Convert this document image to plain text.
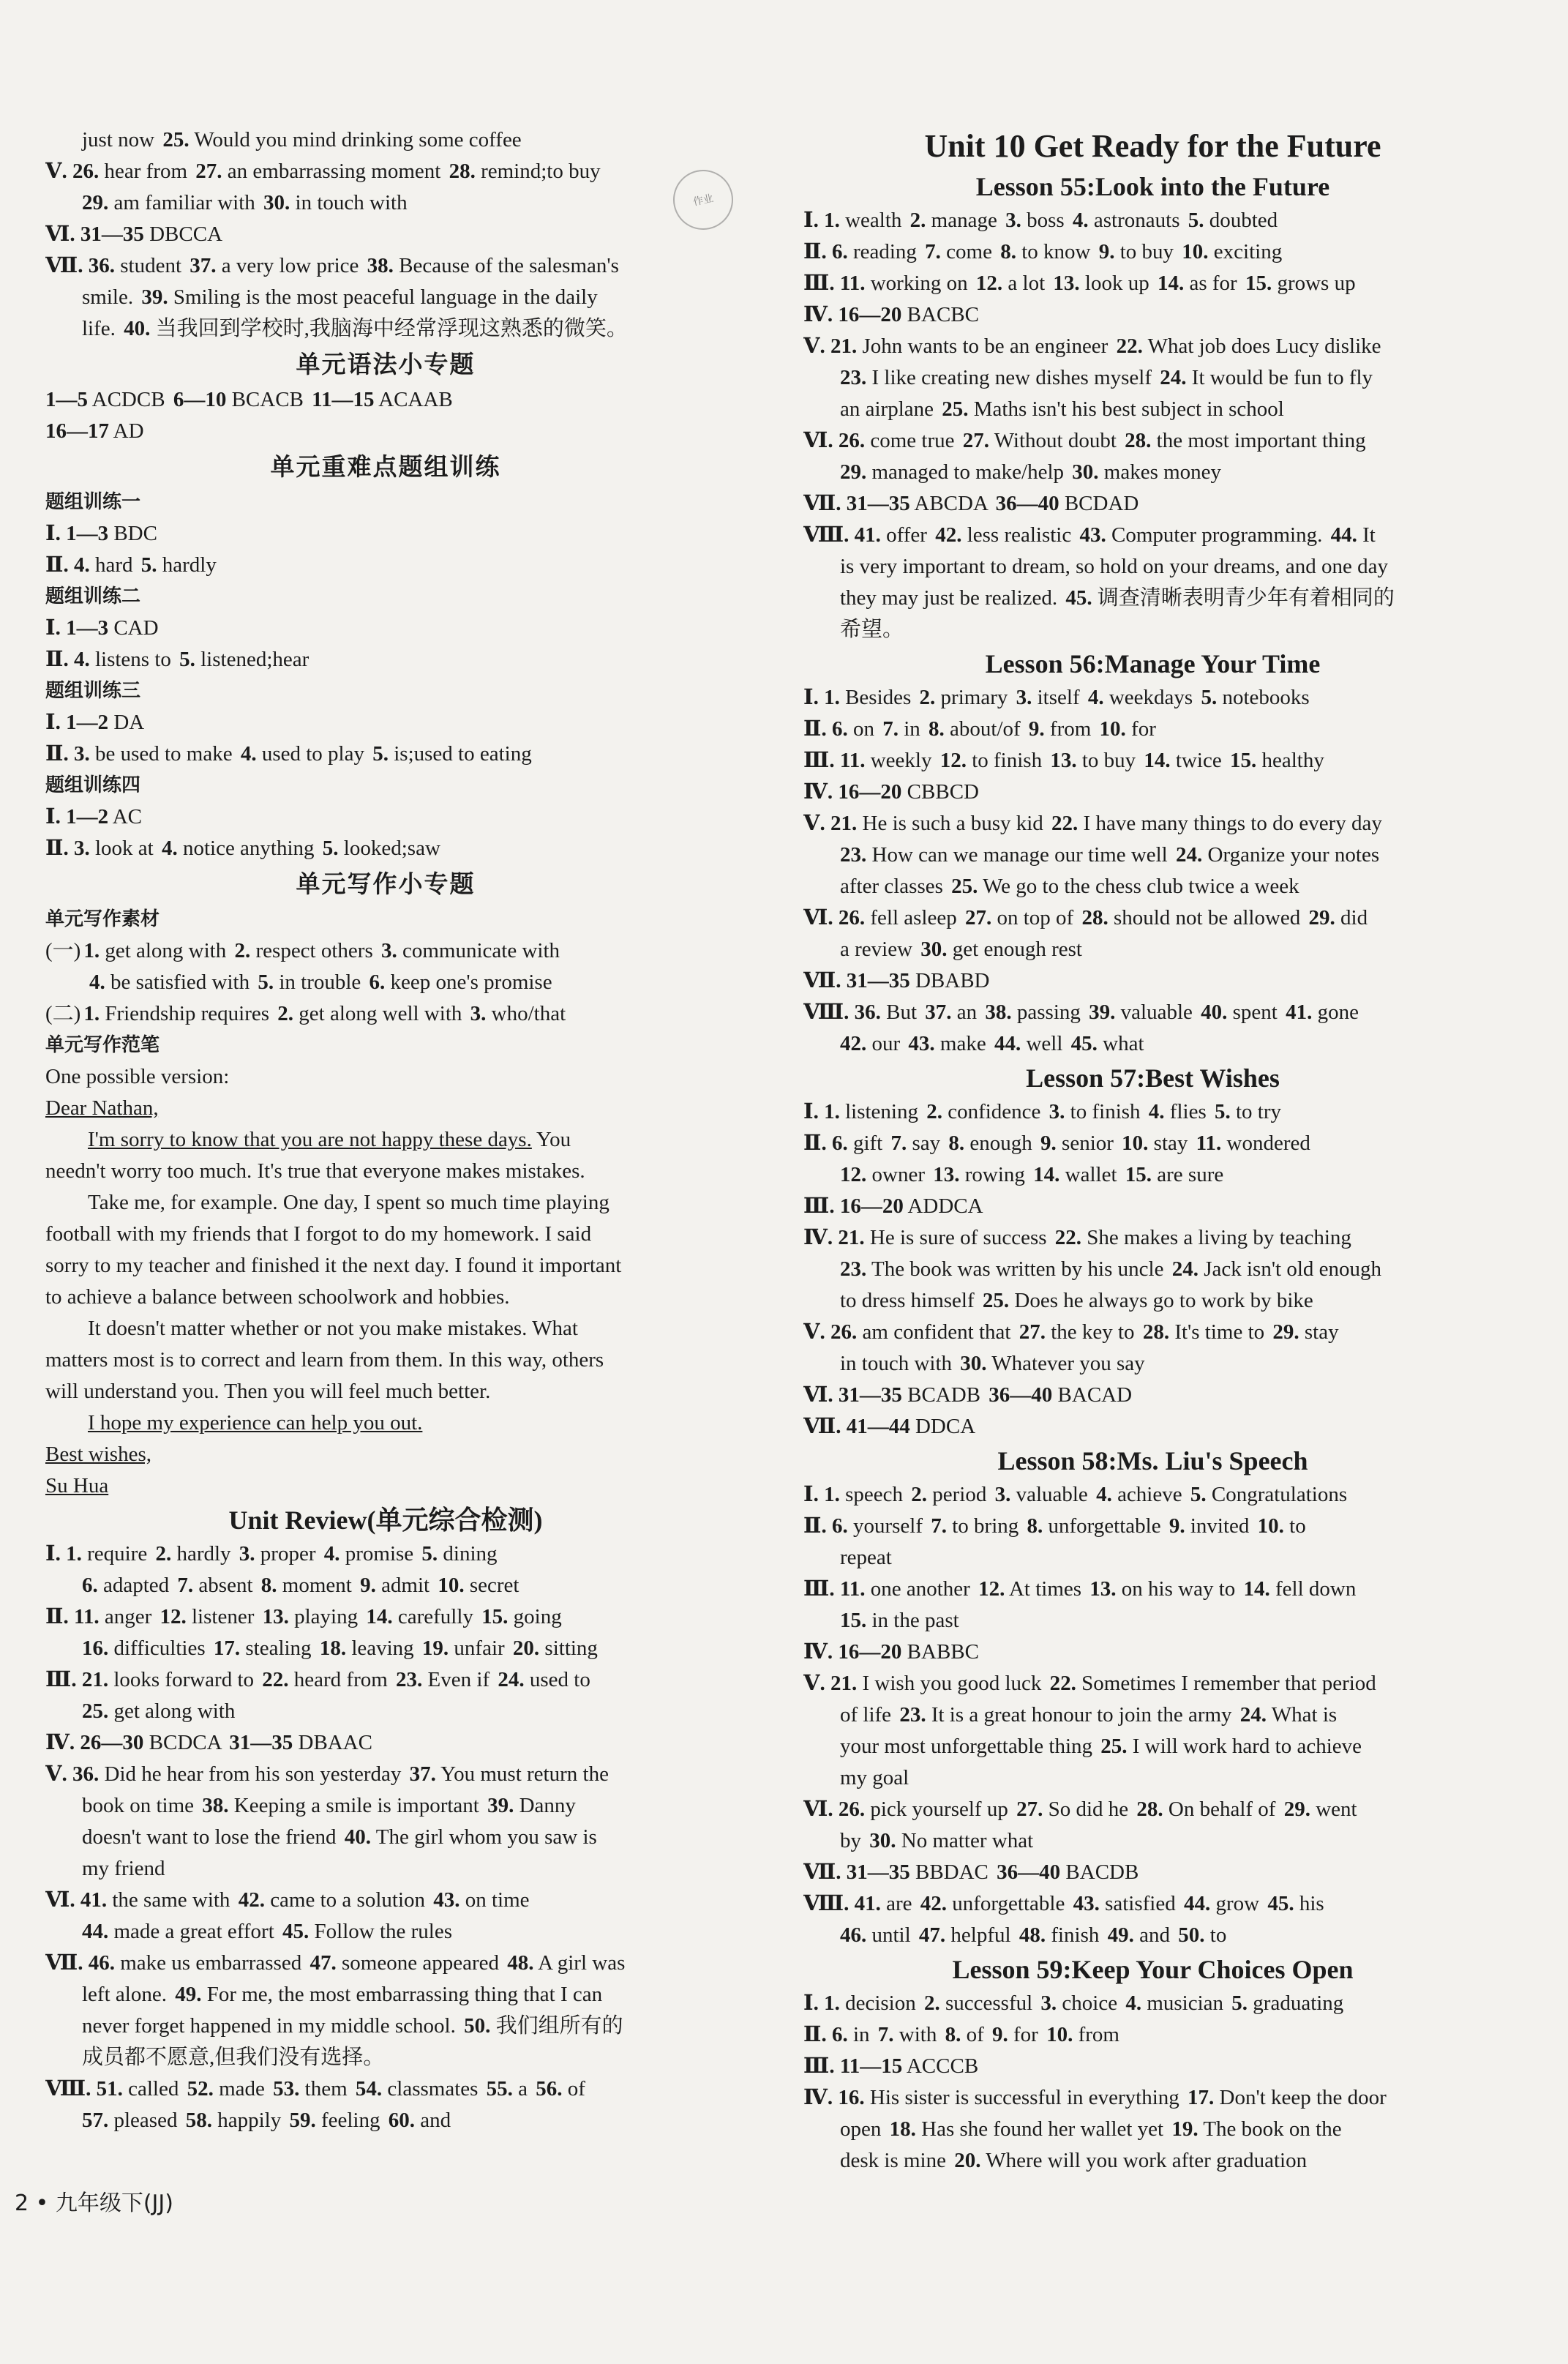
just now 25. Would you mind drinking some coffee
Ⅴ. 26. hear from 27. an embarrassing moment 28. remind;to buy
29. am familiar with 30. in touch with
Ⅵ. 31—35 DBCCA
Ⅶ. 36. student 37. a very low price 38. Because of the salesman's
smile. 39. Smiling is the most peaceful language in the daily
life. 40. 当我回到学校时,我脑海中经常浮现这熟悉的微笑。
单元语法小专题
1—5 ACDCB 6—10 BCACB 11—15 ACAAB
16—17 AD
单元重难点题组训练
题组训练一
Ⅰ. 1—3 BDC
Ⅱ. 4. hard 5. hardly
题组训练二
Ⅰ. 1—3 CAD
Ⅱ. 4. listens to 5. listened;hear
题组训练三
Ⅰ. 1—2 DA
Ⅱ. 3. be used to make 4. used to play 5. is;used to eating
题组训练四
Ⅰ. 1—2 AC
Ⅱ. 3. look at 4. notice anything 5. looked;saw
单元写作小专题
单元写作素材
(一) 1. get along with 2. respect others 3. communicate with
4. be satisfied with 5. in trouble 6. keep one's promise
(二) 1. Friendship requires 2. get along well with 3. who/that
单元写作范笔
One possible version:
Dear Nathan,
I'm sorry to know that you are not happy these days. You
needn't worry too much. It's true that everyone makes mistakes.
Take me, for example. One day, I spent so much time playing
football with my friends that I forgot to do my homework. I said
sorry to my teacher and finished it the next day. I found it important
to achieve a balance between schoolwork and hobbies.
It doesn't matter whether or not you make mistakes. What
matters most is to correct and learn from them. In this way, others
will understand you. Then you will feel much better.
I hope my experience can help you out.
Best wishes,
Su Hua
Unit Review(单元综合检测)
Ⅰ. 1. require 2. hardly 3. proper 4. promise 5. dining
6. adapted 7. absent 8. moment 9. admit 10. secret
Ⅱ. 11. anger 12. listener 13. playing 14. carefully 15. going
16. difficulties 17. stealing 18. leaving 19. unfair 20. sitting
Ⅲ. 21. looks forward to 22. heard from 23. Even if 24. used to
25. get along with
Ⅳ. 26—30 BCDCA 31—35 DBAAC
Ⅴ. 36. Did he hear from his son yesterday 37. You must return the
book on time 38. Keeping a smile is important 39. Danny
doesn't want to lose the friend 40. The girl whom you saw is
my friend
Ⅵ. 41. the same with 42. came to a solution 43. on time
44. made a great effort 45. Follow the rules
Ⅶ. 46. make us embarrassed 47. someone appeared 48. A girl was
left alone. 49. For me, the most embarrassing thing that I can
never forget happened in my middle school. 50. 我们组所有的
成员都不愿意,但我们没有选择。
Ⅷ. 51. called 52. made 53. them 54. classmates 55. a 56. of
57. pleased 58. happily 59. feeling 60. and
Unit 10 Get Ready for the Future
Lesson 55:Look into the Future
Ⅰ. 1. wealth 2. manage 3. boss 4. astronauts 5. doubted
Ⅱ. 6. reading 7. come 8. to know 9. to buy 10. exciting
Ⅲ. 11. working on 12. a lot 13. look up 14. as for 15. grows up
Ⅳ. 16—20 BACBC
Ⅴ. 21. John wants to be an engineer 22. What job does Lucy dislike
23. I like creating new dishes myself 24. It would be fun to fly
an airplane 25. Maths isn't his best subject in school
Ⅵ. 26. come true 27. Without doubt 28. the most important thing
29. managed to make/help 30. makes money
Ⅶ. 31—35 ABCDA 36—40 BCDAD
Ⅷ. 41. offer 42. less realistic 43. Computer programming. 44. It
is very important to dream, so hold on your dreams, and one day
they may just be realized. 45. 调查清晰表明青少年有着相同的
希望。
Lesson 56:Manage Your Time
Ⅰ. 1. Besides 2. primary 3. itself 4. weekdays 5. notebooks
Ⅱ. 6. on 7. in 8. about/of 9. from 10. for
Ⅲ. 11. weekly 12. to finish 13. to buy 14. twice 15. healthy
Ⅳ. 16—20 CBBCD
Ⅴ. 21. He is such a busy kid 22. I have many things to do every day
23. How can we manage our time well 24. Organize your notes
after classes 25. We go to the chess club twice a week
Ⅵ. 26. fell asleep 27. on top of 28. should not be allowed 29. did
a review 30. get enough rest
Ⅶ. 31—35 DBABD
Ⅷ. 36. But 37. an 38. passing 39. valuable 40. spent 41. gone
42. our 43. make 44. well 45. what
Lesson 57:Best Wishes
Ⅰ. 1. listening 2. confidence 3. to finish 4. flies 5. to try
Ⅱ. 6. gift 7. say 8. enough 9. senior 10. stay 11. wondered
12. owner 13. rowing 14. wallet 15. are sure
Ⅲ. 16—20 ADDCA
Ⅳ. 21. He is sure of success 22. She makes a living by teaching
23. The book was written by his uncle 24. Jack isn't old enough
to dress himself 25. Does he always go to work by bike
Ⅴ. 26. am confident that 27. the key to 28. It's time to 29. stay
in touch with 30. Whatever you say
Ⅵ. 31—35 BCADB 36—40 BACAD
Ⅶ. 41—44 DDCA
Lesson 58:Ms. Liu's Speech
Ⅰ. 1. speech 2. period 3. valuable 4. achieve 5. Congratulations
Ⅱ. 6. yourself 7. to bring 8. unforgettable 9. invited 10. to
repeat
Ⅲ. 11. one another 12. At times 13. on his way to 14. fell down
15. in the past
Ⅳ. 16—20 BABBC
Ⅴ. 21. I wish you good luck 22. Sometimes I remember that period
of life 23. It is a great honour to join the army 24. What is
your most unforgettable thing 25. I will work hard to achieve
my goal
Ⅵ. 26. pick yourself up 27. So did he 28. On behalf of 29. went
by 30. No matter what
Ⅶ. 31—35 BBDAC 36—40 BACDB
Ⅷ. 41. are 42. unforgettable 43. satisfied 44. grow 45. his
46. until 47. helpful 48. finish 49. and 50. to
Lesson 59:Keep Your Choices Open
Ⅰ. 1. decision 2. successful 3. choice 4. musician 5. graduating
Ⅱ. 6. in 7. with 8. of 9. for 10. from
Ⅲ. 11—15 ACCCB
Ⅳ. 16. His sister is successful in everything 17. Don't keep the door
open 18. Has she found her wallet yet 19. The book on the
desk is mine 20. Where will you work after graduation
作业
2 • 九年级下(JJ)
